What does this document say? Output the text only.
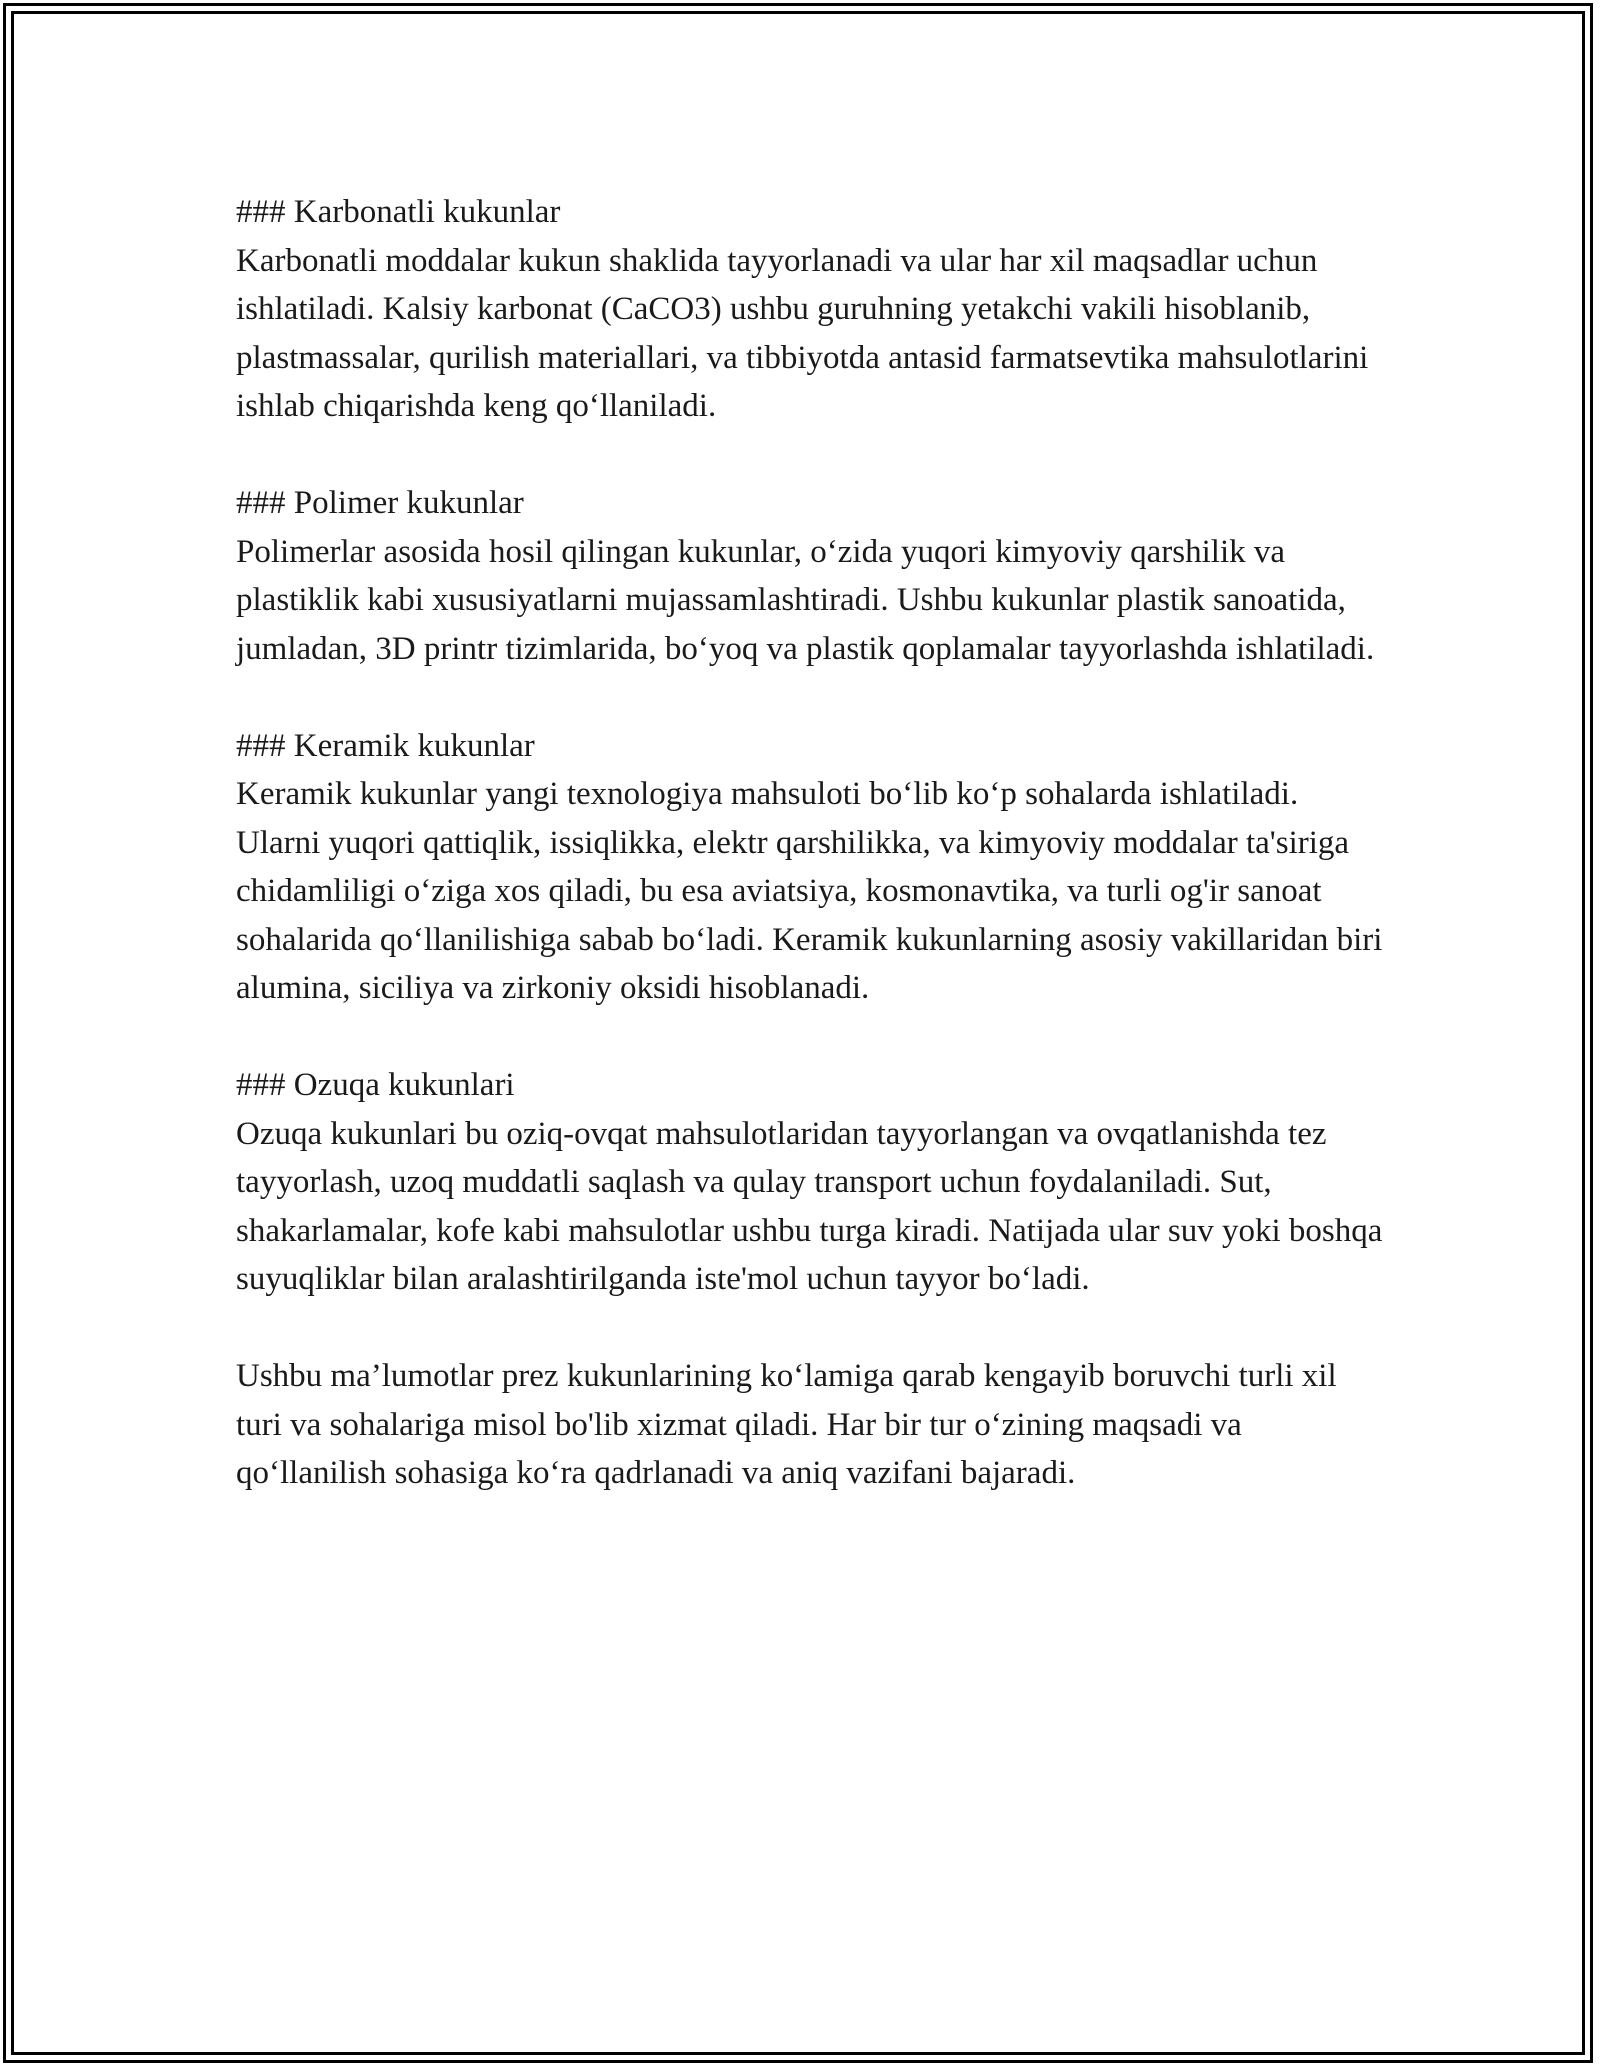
### Karbonatli kukunlar

Karbonatli moddalar kukun shaklida tayyorlanadi va ular har xil maqsadlar uchun ishlatiladi. Kalsiy karbonat (CaCO3) ushbu guruhning yetakchi vakili hisoblanib, plastmassalar, qurilish materiallari, va tibbiyotda antasid farmatsevtika mahsulotlarini ishlab chiqarishda keng qo‘llaniladi.

### Polimer kukunlar

Polimerlar asosida hosil qilingan kukunlar, o‘zida yuqori kimyoviy qarshilik va plastiklik kabi xususiyatlarni mujassamlashtiradi. Ushbu kukunlar plastik sanoatida, jumladan, 3D printr tizimlarida, bo‘yoq va plastik qoplamalar tayyorlashda ishlatiladi.

### Keramik kukunlar

Keramik kukunlar yangi texnologiya mahsuloti bo‘lib ko‘p sohalarda ishlatiladi. Ularni yuqori qattiqlik, issiqlikka, elektr qarshilikka, va kimyoviy moddalar ta'siriga chidamliligi o‘ziga xos qiladi, bu esa aviatsiya, kosmonavtika, va turli og'ir sanoat sohalarida qo‘llanilishiga sabab bo‘ladi. Keramik kukunlarning asosiy vakillaridan biri alumina, siciliya va zirkoniy oksidi hisoblanadi.

### Ozuqa kukunlari

Ozuqa kukunlari bu oziq-ovqat mahsulotlaridan tayyorlangan va ovqatlanishda tez tayyorlash, uzoq muddatli saqlash va qulay transport uchun foydalaniladi. Sut, shakarlamalar, kofe kabi mahsulotlar ushbu turga kiradi. Natijada ular suv yoki boshqa suyuqliklar bilan aralashtirilganda iste'mol uchun tayyor bo‘ladi.

Ushbu ma’lumotlar prez kukunlarining ko‘lamiga qarab kengayib boruvchi turli xil turi va sohalariga misol bo'lib xizmat qiladi. Har bir tur o‘zining maqsadi va qo‘llanilish sohasiga ko‘ra qadrlanadi va aniq vazifani bajaradi.
